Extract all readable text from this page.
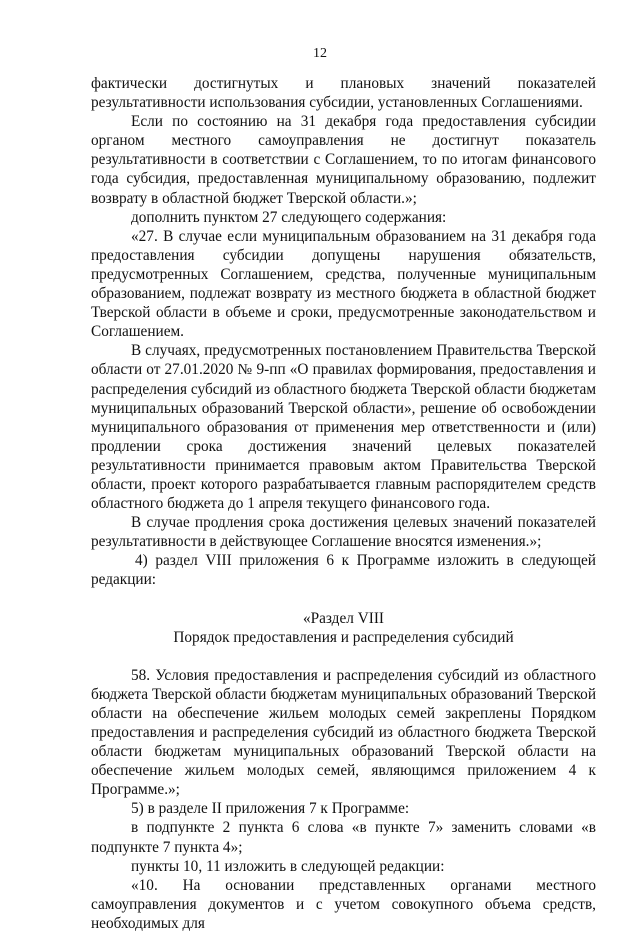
12

фактически достигнутых и плановых значений показателей результативности использования субсидии, установленных Соглашениями.

Если по состоянию на 31 декабря года предоставления субсидии органом местного самоуправления не достигнут показатель результативности в соответствии с Соглашением, то по итогам финансового года субсидия, предоставленная муниципальному образованию, подлежит возврату в областной бюджет Тверской области.»;

дополнить пунктом 27 следующего содержания:

«27. В случае если муниципальным образованием на 31 декабря года предоставления субсидии допущены нарушения обязательств, предусмотренных Соглашением, средства, полученные муниципальным образованием, подлежат возврату из местного бюджета в областной бюджет Тверской области в объеме и сроки, предусмотренные законодательством и Соглашением.

В случаях, предусмотренных постановлением Правительства Тверской области от 27.01.2020 № 9-пп «О правилах формирования, предоставления и распределения субсидий из областного бюджета Тверской области бюджетам муниципальных образований Тверской области», решение об освобождении муниципального образования от применения мер ответственности и (или) продлении срока достижения значений целевых показателей результативности принимается правовым актом Правительства Тверской области, проект которого разрабатывается главным распорядителем средств областного бюджета до 1 апреля текущего финансового года.

В случае продления срока достижения целевых значений показателей результативности в действующее Соглашение вносятся изменения.»;

4) раздел VIII приложения 6 к Программе изложить в следующей редакции:

«Раздел VIII

Порядок предоставления и распределения субсидий

58. Условия предоставления и распределения субсидий из областного бюджета Тверской области бюджетам муниципальных образований Тверской области на обеспечение жильем молодых семей закреплены Порядком предоставления и распределения субсидий из областного бюджета Тверской области бюджетам муниципальных образований Тверской области на обеспечение жильем молодых семей, являющимся приложением 4 к Программе.»;

5) в разделе II приложения 7 к Программе:

в подпункте 2 пункта 6 слова «в пункте 7» заменить словами «в подпункте 7 пункта 4»;

пункты 10, 11 изложить в следующей редакции:

«10. На основании представленных органами местного самоуправления документов и с учетом совокупного объема средств, необходимых для
